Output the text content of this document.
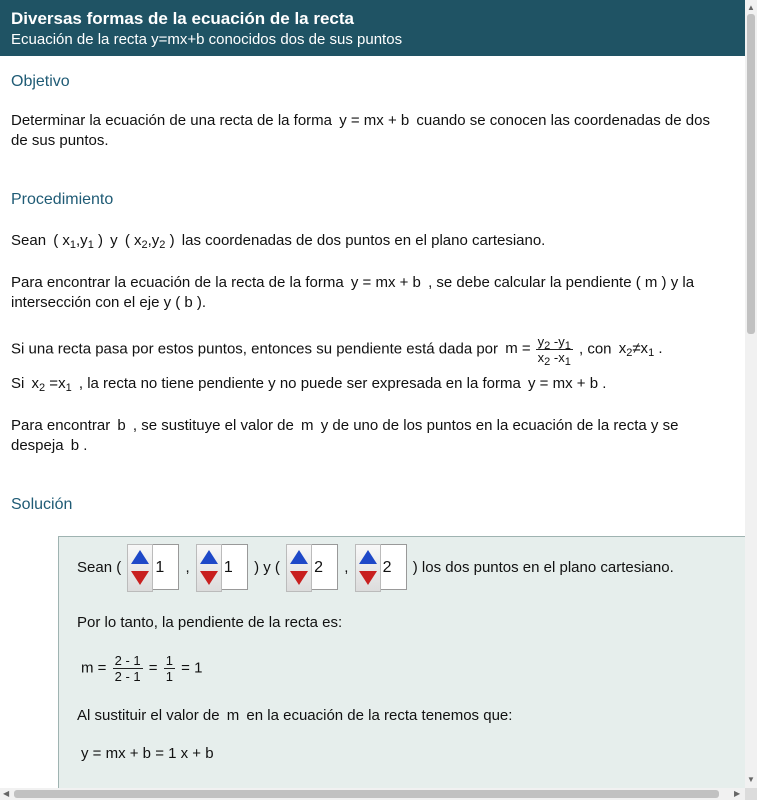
Diversas formas de la ecuación de la recta
Ecuación de la recta y=mx+b conocidos dos de sus puntos
Objetivo
Determinar la ecuación de una recta de la forma y = mx + b cuando se conocen las coordenadas de dos
de sus puntos.
Procedimiento
Sean ( $x_1,y_1$ ) y ( $x_2,y_2$ ) las coordenadas de dos puntos en el plano cartesiano.
Para encontrar la ecuación de la recta de la forma y = mx + b , se debe calcular la pendiente ( m ) y la
intersección con el eje y ( b ).
Si una recta pasa por estos puntos, entonces su pendiente está dada por $m = \frac{y_2 -y_1}{x_2 -x_1}$ , con $x_2\ne x_1$ .
Si $x_2 =x_1$ , la recta no tiene pendiente y no puede ser expresada en la forma y = mx + b .
Para encontrar b , se sustituye el valor de m y de uno de los puntos en la ecuación de la recta y se
despeja b .
Solución
Sean ( 1 , 1 ) y ( 2 , 2 ) los dos puntos en el plano cartesiano.
Por lo tanto, la pendiente de la recta es:
$m = \frac{2 - 1}{2 - 1} = \frac{1}{1} = 1$
Al sustituir el valor de m en la ecuación de la recta tenemos que:
y = mx + b = 1 x + b
▲
▼
◀	▶
